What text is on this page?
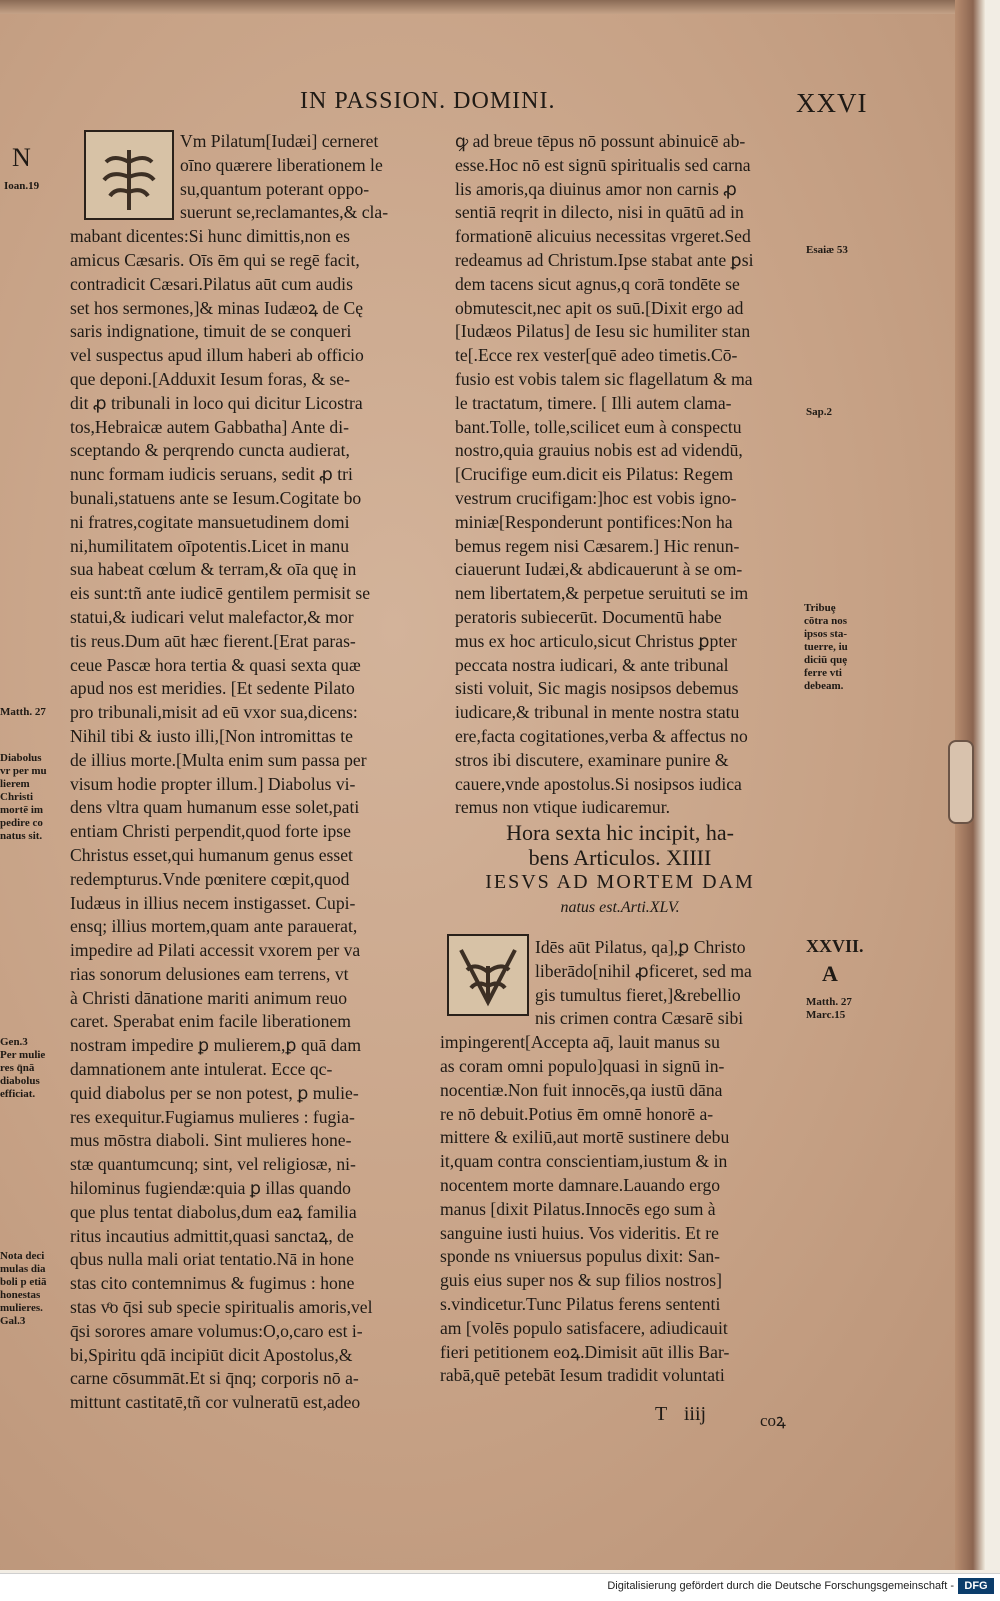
IN PASSION. DOMINI.	XXVI
N
Ioan.19
Matth. 27
Diabolus
vr per mu
lierem
Christi
mortē im
pedire co
natus sit.
Gen.3
Per mulie
res q̄nā
diabolus
efficiat.
Nota deci
mulas dia
boli p etiā
honestas
mulieres.
Gal.3
Vm Pilatum[Iudæi] cerneret
oīno quærere liberationem le
su,quantum poterant oppo-
suerunt se,reclamantes,& cla-
mabant dicentes:Si hunc dimittis,non es
amicus Cæsaris. Oīs ēm qui se regē facit,
contradicit Cæsari.Pilatus aūt cum audis
set hos sermones,]& minas Iudæoꝝ de Cę
saris indignatione, timuit de se conqueri
vel suspectus apud illum haberi ab officio
que deponi.[Adduxit Iesum foras, & se-
dit ꝓ tribunali in loco qui dicitur Licostra
tos,Hebraicæ autem Gabbatha] Ante di-
sceptando & perqrendo cuncta audierat,
nunc formam iudicis seruans, sedit ꝓ tri
bunali,statuens ante se Iesum.Cogitate bo
ni fratres,cogitate mansuetudinem domi
ni,humilitatem oīpotentis.Licet in manu
sua habeat cœlum & terram,& oīa quę in
eis sunt:tñ ante iudicē gentilem permisit se
statui,& iudicari velut malefactor,& mor
tis reus.Dum aūt hæc fierent.[Erat paras-
ceue Pascæ hora tertia & quasi sexta quæ
apud nos est meridies. [Et sedente Pilato
pro tribunali,misit ad eū vxor sua,dicens:
Nihil tibi & iusto illi,[Non intromittas te
de illius morte.[Multa enim sum passa per
visum hodie propter illum.] Diabolus vi-
dens vltra quam humanum esse solet,pati
entiam Christi perpendit,quod forte ipse
Christus esset,qui humanum genus esset
redempturus.Vnde pœnitere cœpit,quod
Iudæus in illius necem instigasset. Cupi-
ensq; illius mortem,quam ante parauerat,
impedire ad Pilati accessit vxorem per va
rias sonorum delusiones eam terrens, vt
à Christi dānatione mariti animum reuo
caret. Sperabat enim facile liberationem
nostram impedire ꝑ mulierem,ꝑ quā dam
damnationem ante intulerat. Ecce qc-
quid diabolus per se non potest, ꝑ mulie-
res exequitur.Fugiamus mulieres : fugia-
mus mōstra diaboli. Sint mulieres hone-
stæ quantumcunq; sint, vel religiosæ, ni-
hilominus fugiendæ:quia ꝑ illas quando
que plus tentat diabolus,dum eaꝝ familia
ritus incautius admittit,quasi sanctaꝝ, de
qbus nulla mali oriat tentatio.Nā in hone
stas cito contemnimus & fugimus : hone
stas vͦo q̄si sub specie spiritualis amoris,vel
q̄si sorores amare volumus:O,o,caro est i-
bi,Spiritu qdā incipiūt dicit Apostolus,&
carne cōsummāt.Et si q̄nq; corporis nō a-
mittunt castitatē,tñ cor vulneratū est,adeo
ꝙ ad breue tēpus nō possunt abinuicē ab-
esse.Hoc nō est signū spiritualis sed carna
lis amoris,qa diuinus amor non carnis ꝓ
sentiā reqrit in dilecto, nisi in quātū ad in
formationē alicuius necessitas vrgeret.Sed
redeamus ad Christum.Ipse stabat ante ꝑsi
dem tacens sicut agnus,q corā tondēte se
obmutescit,nec apit os suū.[Dixit ergo ad
[Iudæos Pilatus] de Iesu sic humiliter stan
te[.Ecce rex vester[quē adeo timetis.Cō-
fusio est vobis talem sic flagellatum & ma
le tractatum, timere. [ Illi autem clama-
bant.Tolle, tolle,scilicet eum à conspectu
nostro,quia grauius nobis est ad videndū,
[Crucifige eum.dicit eis Pilatus: Regem
vestrum crucifigam:]hoc est vobis igno-
miniæ[Responderunt pontifices:Non ha
bemus regem nisi Cæsarem.] Hic renun-
ciauerunt Iudæi,& abdicauerunt à se om-
nem libertatem,& perpetue seruituti se im
peratoris subiecerūt. Documentū habe
mus ex hoc articulo,sicut Christus ꝑpter
peccata nostra iudicari, & ante tribunal
sisti voluit, Sic magis nosipsos debemus
iudicare,& tribunal in mente nostra statu
ere,facta cogitationes,verba & affectus no
stros ibi discutere, examinare punire &
cauere,vnde apostolus.Si nosipsos iudica
remus non vtique iudicaremur.
Esaiæ 53
Sap.2
Tribuȩ
cōtra nos
ipsos sta-
tuerre, iu
diciū quȩ
ferre vti
debeam.
XXVII.
A
Matth. 27
Marc.15
Hora sexta hic incipit, ha-
bens Articulos. XIIII
IESVS AD MORTEM DAM
natus est.Arti.XLV.
Idēs aūt Pilatus, qa],ꝑ Christo
liberādo[nihil ꝓficeret, sed ma
gis tumultus fieret,]&rebellio
nis crimen contra Cæsarē sibi
impingerent[Accepta aq̄, lauit manus su
as coram omni populo]quasi in signū in-
nocentiæ.Non fuit innocēs,qa iustū dāna
re nō debuit.Potius ēm omnē honorē a-
mittere & exiliū,aut mortē sustinere debu
it,quam contra conscientiam,iustum & in
nocentem morte damnare.Lauando ergo
manus [dixit Pilatus.Innocēs ego sum à
sanguine iusti huius. Vos videritis. Et re
sponde ns vniuersus populus dixit: San-
guis eius super nos & sup filios nostros]
s.vindicetur.Tunc Pilatus ferens sententi
am [volēs populo satisfacere, adiudicauit
fieri petitionem eoꝝ.Dimisit aūt illis Bar-
rabā,quē petebāt Iesum tradidit voluntati
T iiij	coꝝ
Digitalisierung gefördert durch die Deutsche Forschungsgemeinschaft - DFG
